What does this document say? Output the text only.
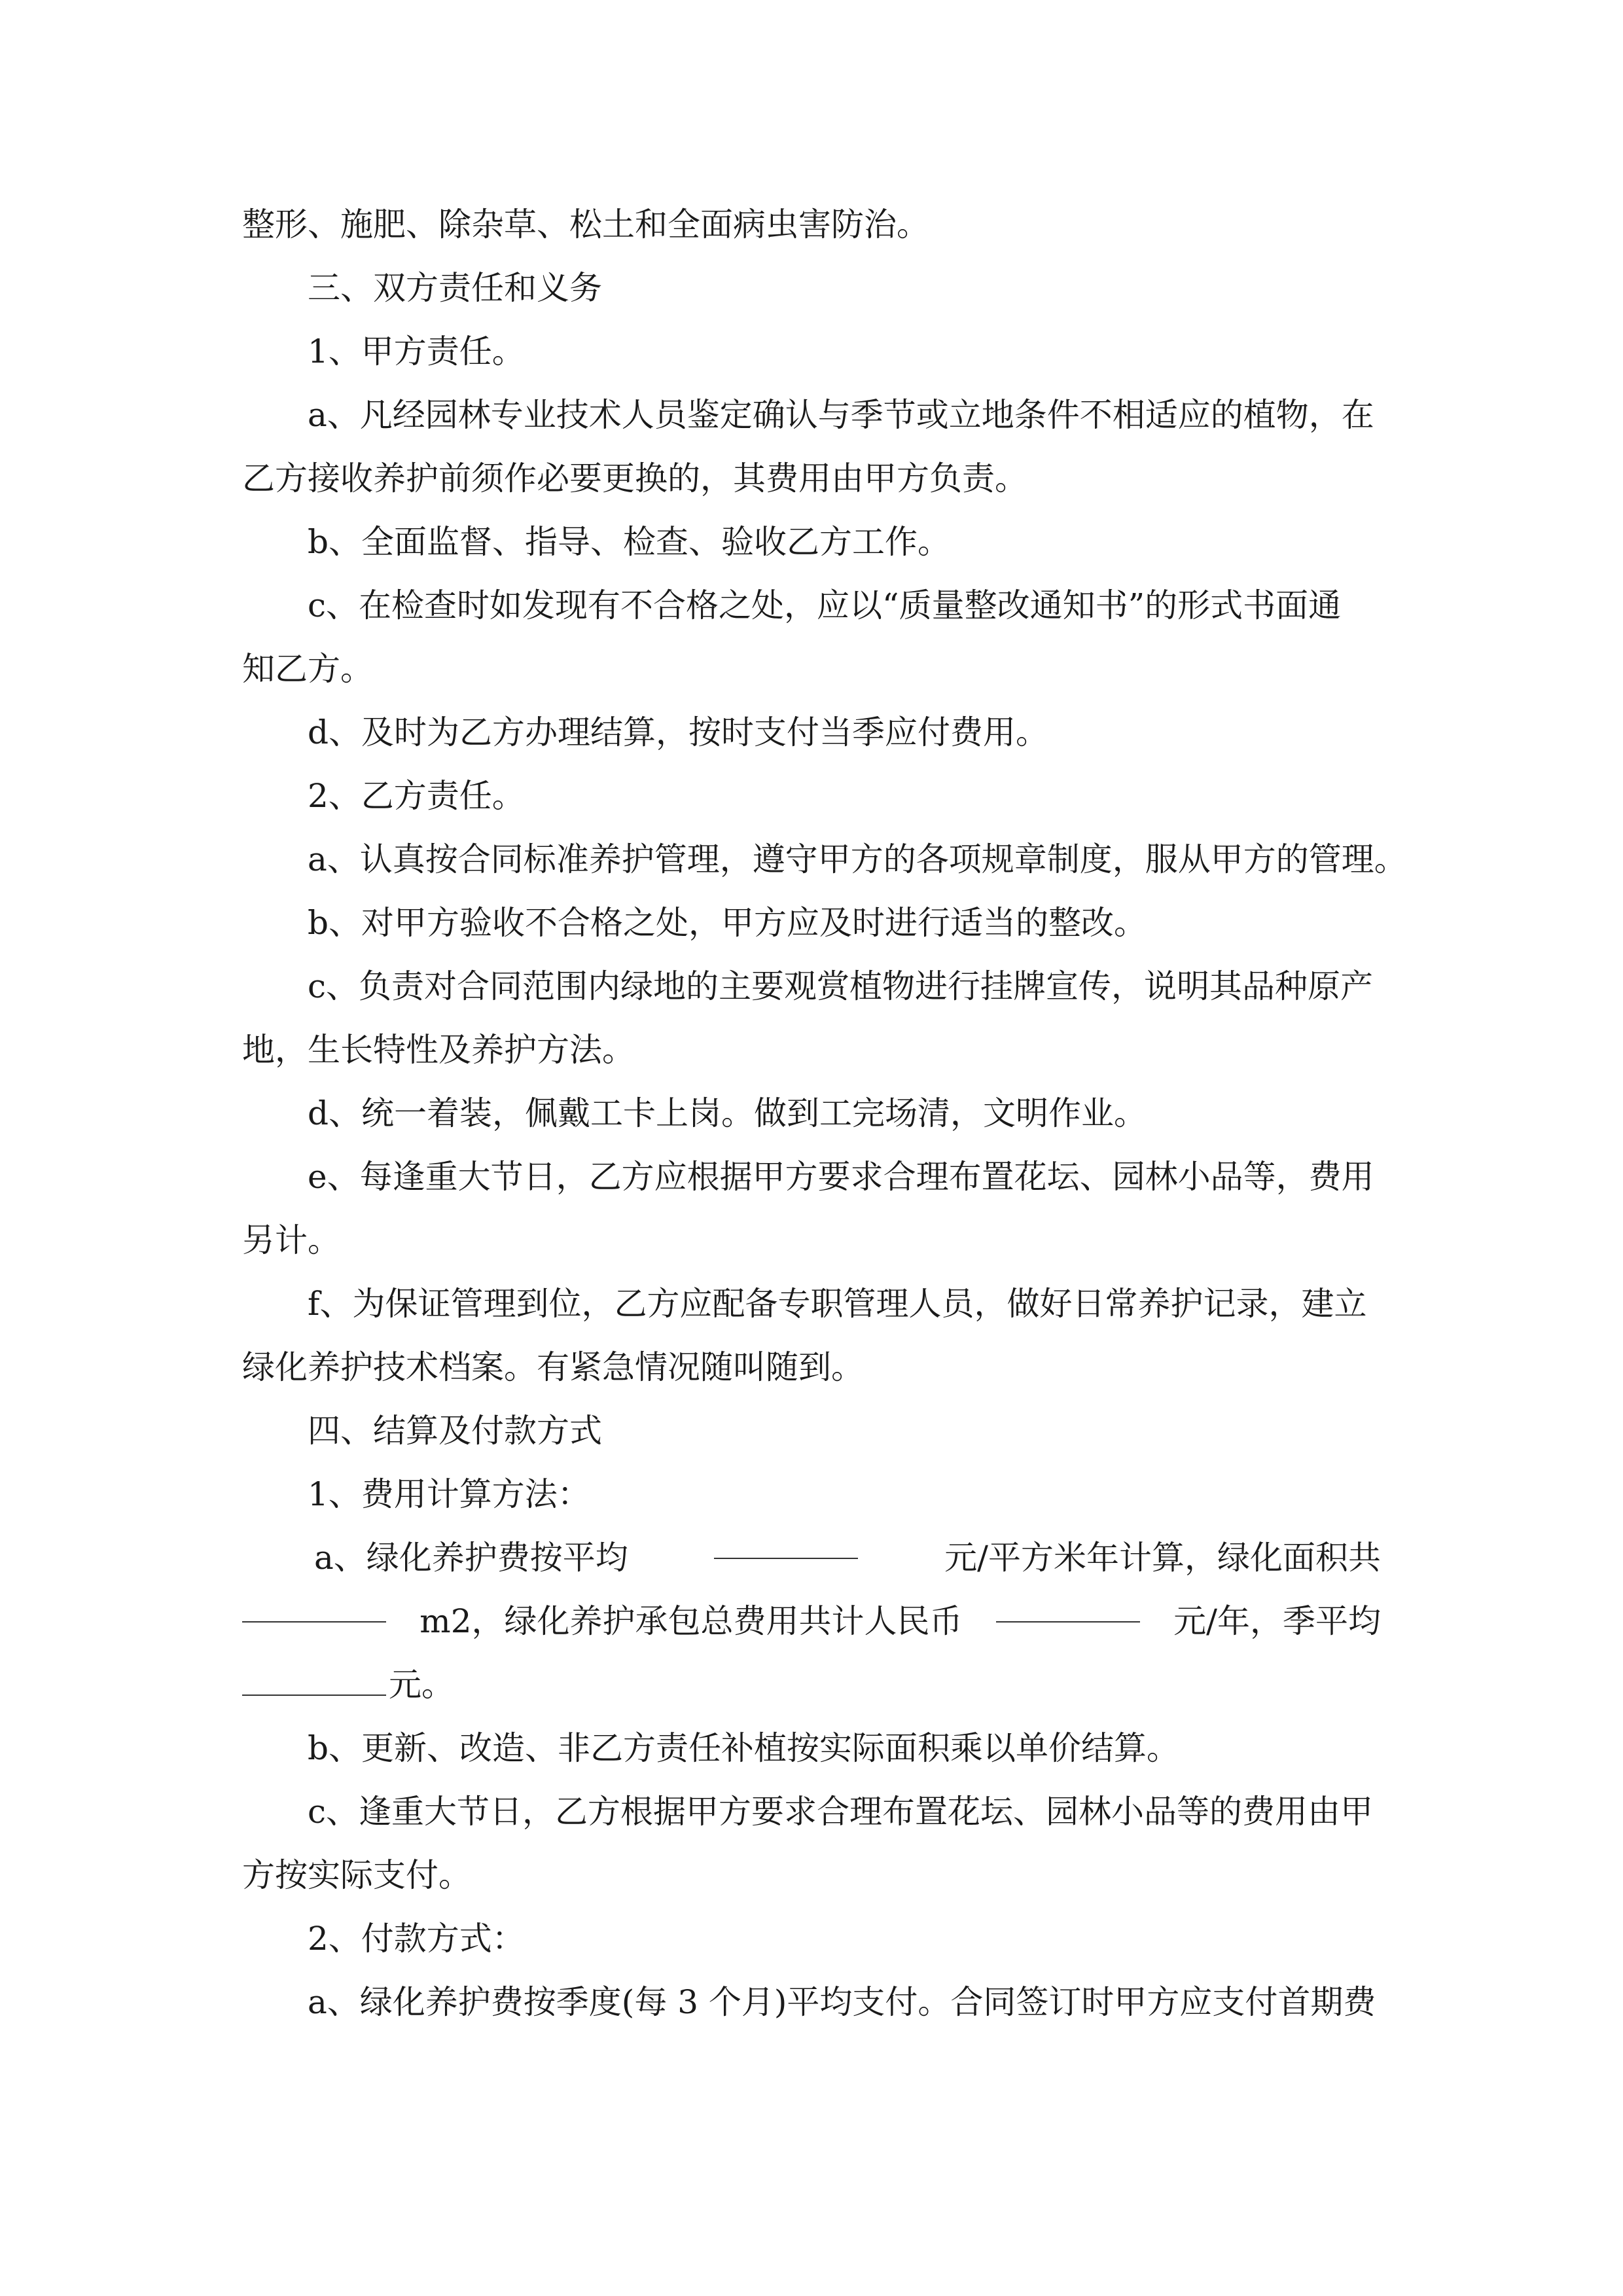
整形、施肥、除杂草、松土和全面病虫害防治。
三、双方责任和义务
1、甲方责任。
a、凡经园林专业技术人员鉴定确认与季节或立地条件不相适应的植物，在
乙方接收养护前须作必要更换的，其费用由甲方负责。
b、全面监督、指导、检查、验收乙方工作。
c、在检查时如发现有不合格之处，应以“质量整改通知书”的形式书面通
知乙方。
d、及时为乙方办理结算，按时支付当季应付费用。
2、乙方责任。
a、认真按合同标准养护管理，遵守甲方的各项规章制度，服从甲方的管理。
b、对甲方验收不合格之处，甲方应及时进行适当的整改。
c、负责对合同范围内绿地的主要观赏植物进行挂牌宣传，说明其品种原产
地，生长特性及养护方法。
d、统一着装，佩戴工卡上岗。做到工完场清，文明作业。
e、每逢重大节日，乙方应根据甲方要求合理布置花坛、园林小品等，费用
另计。
f、为保证管理到位，乙方应配备专职管理人员，做好日常养护记录，建立
绿化养护技术档案。有紧急情况随叫随到。
四、结算及付款方式
1、费用计算方法：
a、绿化养护费按平均	元/平方米年计算，绿化面积共
m2，绿化养护承包总费用共计人民币	元/年，季平均
元。
b、更新、改造、非乙方责任补植按实际面积乘以单价结算。
c、逢重大节日，乙方根据甲方要求合理布置花坛、园林小品等的费用由甲
方按实际支付。
2、付款方式：
a、绿化养护费按季度(每 3 个月)平均支付。合同签订时甲方应支付首期费
